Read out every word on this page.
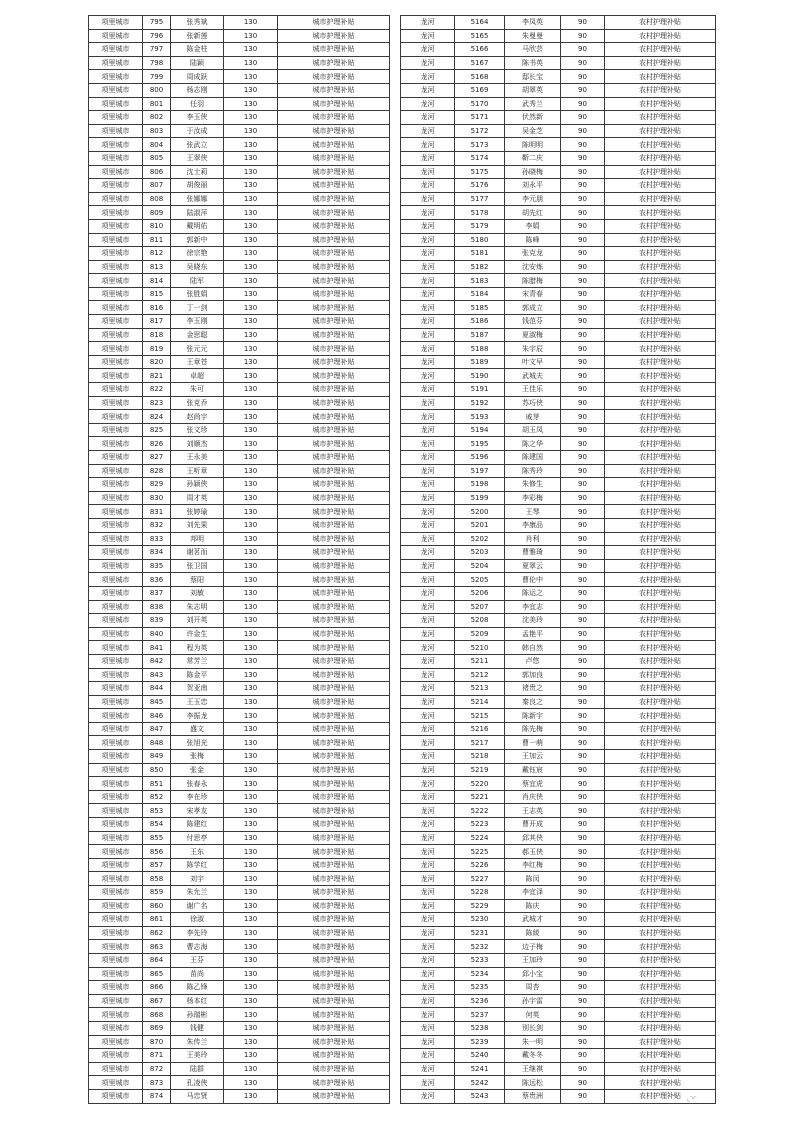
项里城市	795	张秀斌	130	城市护理补贴
项里城市	796	张新莲	130	城市护理补贴
项里城市	797	陈金柱	130	城市护理补贴
项里城市	798	陆颖	130	城市护理补贴
项里城市	799	周成跃	130	城市护理补贴
项里城市	800	杨志刚	130	城市护理补贴
项里城市	801	任羽	130	城市护理补贴
项里城市	802	李玉侠	130	城市护理补贴
项里城市	803	于汝成	130	城市护理补贴
项里城市	804	张武立	130	城市护理补贴
项里城市	805	王翠侠	130	城市护理补贴
项里城市	806	沈士莉	130	城市护理补贴
项里城市	807	胡俊丽	130	城市护理补贴
项里城市	808	张娜娜	130	城市护理补贴
项里城市	809	陆淑萍	130	城市护理补贴
项里城市	810	戴明佑	130	城市护理补贴
项里城市	811	郭新中	130	城市护理补贴
项里城市	812	徐宗艳	130	城市护理补贴
项里城市	813	吴晓东	130	城市护理补贴
项里城市	814	陆军	130	城市护理补贴
项里城市	815	张胜娟	130	城市护理补贴
项里城市	816	丁一剑	130	城市护理补贴
项里城市	817	李玉刚	130	城市护理补贴
项里城市	818	金思聪	130	城市护理补贴
项里城市	819	张元元	130	城市护理补贴
项里城市	820	王章苍	130	城市护理补贴
项里城市	821	卓超	130	城市护理补贴
项里城市	822	朱可	130	城市护理补贴
项里城市	823	张克乔	130	城市护理补贴
项里城市	824	赵尚宇	130	城市护理补贴
项里城市	825	张文珍	130	城市护理补贴
项里城市	826	刘顺杰	130	城市护理补贴
项里城市	827	王永美	130	城市护理补贴
项里城市	828	王听章	130	城市护理补贴
项里城市	829	孙颖侠	130	城市护理补贴
项里城市	830	周才英	130	城市护理补贴
项里城市	831	张婷瑜	130	城市护理补贴
项里城市	832	刘先果	130	城市护理补贴
项里城市	833	邦明	130	城市护理补贴
项里城市	834	谢茗而	130	城市护理补贴
项里城市	835	张卫国	130	城市护理补贴
项里城市	836	蔡阳	130	城市护理补贴
项里城市	837	刘敏	130	城市护理补贴
项里城市	838	朱志明	130	城市护理补贴
项里城市	839	刘开英	130	城市护理补贴
项里城市	840	许金生	130	城市护理补贴
项里城市	841	程为英	130	城市护理补贴
项里城市	842	常芳兰	130	城市护理补贴
项里城市	843	陈金平	130	城市护理补贴
项里城市	844	贺亚南	130	城市护理补贴
项里城市	845	王玉忠	130	城市护理补贴
项里城市	846	李振龙	130	城市护理补贴
项里城市	847	盛文	130	城市护理补贴
项里城市	848	张旭光	130	城市护理补贴
项里城市	849	张梅	130	城市护理补贴
项里城市	850	张金	130	城市护理补贴
项里城市	851	张春永	130	城市护理补贴
项里城市	852	李在珍	130	城市护理补贴
项里城市	853	宋孝友	130	城市护理补贴
项里城市	854	陈建红	130	城市护理补贴
项里城市	855	付思亭	130	城市护理补贴
项里城市	856	王东	130	城市护理补贴
项里城市	857	陈学红	130	城市护理补贴
项里城市	858	刘宇	130	城市护理补贴
项里城市	859	朱允兰	130	城市护理补贴
项里城市	860	谢广名	130	城市护理补贴
项里城市	861	徐淑	130	城市护理补贴
项里城市	862	李先玲	130	城市护理补贴
项里城市	863	曹志海	130	城市护理补贴
项里城市	864	王芬	130	城市护理补贴
项里城市	865	苗尚	130	城市护理补贴
项里城市	866	陈乙锋	130	城市护理补贴
项里城市	867	杨本红	130	城市护理补贴
项里城市	868	孙瑞彬	130	城市护理补贴
项里城市	869	钱健	130	城市护理补贴
项里城市	870	朱传兰	130	城市护理补贴
项里城市	871	王美玲	130	城市护理补贴
项里城市	872	陆群	130	城市护理补贴
项里城市	873	孔凌侠	130	城市护理补贴
项里城市	874	马忠贤	130	城市护理补贴
龙河	5164	李凤英	90	农村护理补贴
龙河	5165	朱曼曼	90	农村护理补贴
龙河	5166	马欣芸	90	农村护理补贴
龙河	5167	陈书英	90	农村护理补贴
龙河	5168	邸长宝	90	农村护理补贴
龙河	5169	胡翠英	90	农村护理补贴
龙河	5170	武秀兰	90	农村护理补贴
龙河	5171	伏然新	90	农村护理补贴
龙河	5172	吴金芝	90	农村护理补贴
龙河	5173	陈明明	90	农村护理补贴
龙河	5174	靳二庆	90	农村护理补贴
龙河	5175	孙晓梅	90	农村护理补贴
龙河	5176	刘永平	90	农村护理补贴
龙河	5177	李元朋	90	农村护理补贴
龙河	5178	胡先红	90	农村护理补贴
龙河	5179	李娟	90	农村护理补贴
龙河	5180	陈峰	90	农村护理补贴
龙河	5181	张克龙	90	农村护理补贴
龙河	5182	沈安炼	90	农村护理补贴
龙河	5183	陈腊梅	90	农村护理补贴
龙河	5184	宋青春	90	农村护理补贴
龙河	5185	郭成立	90	农村护理补贴
龙河	5186	钱范芬	90	农村护理补贴
龙河	5187	夏淑梅	90	农村护理补贴
龙河	5188	朱宇辰	90	农村护理补贴
龙河	5189	叶文早	90	农村护理补贴
龙河	5190	武城夫	90	农村护理补贴
龙河	5191	王佳乐	90	农村护理补贴
龙河	5192	苏巧侠	90	农村护理补贴
龙河	5193	戚芽	90	农村护理补贴
龙河	5194	胡玉凤	90	农村护理补贴
龙河	5195	陈之华	90	农村护理补贴
龙河	5196	陈建国	90	农村护理补贴
龙河	5197	陈秀玲	90	农村护理补贴
龙河	5198	朱修生	90	农村护理补贴
龙河	5199	李彩梅	90	农村护理补贴
龙河	5200	王琴	90	农村护理补贴
龙河	5201	李康品	90	农村护理补贴
龙河	5202	肖利	90	农村护理补贴
龙河	5203	曹雅琦	90	农村护理补贴
龙河	5204	夏翠云	90	农村护理补贴
龙河	5205	曹伦中	90	农村护理补贴
龙河	5206	陈运之	90	农村护理补贴
龙河	5207	李宜志	90	农村护理补贴
龙河	5208	沈美玲	90	农村护理补贴
龙河	5209	孟艳平	90	农村护理补贴
龙河	5210	韩自然	90	农村护理补贴
龙河	5211	卢悠	90	农村护理补贴
龙河	5212	郭加良	90	农村护理补贴
龙河	5213	褚贵之	90	农村护理补贴
龙河	5214	秦良之	90	农村护理补贴
龙河	5215	陈新宇	90	农村护理补贴
龙河	5216	陈先梅	90	农村护理补贴
龙河	5217	曹一萌	90	农村护理补贴
龙河	5218	王加云	90	农村护理补贴
龙河	5219	戴钰宸	90	农村护理补贴
龙河	5220	蔡宜虎	90	农村护理补贴
龙河	5221	肖庆侠	90	农村护理补贴
龙河	5222	王志英	90	农村护理补贴
龙河	5223	曹开成	90	农村护理补贴
龙河	5224	邱其侠	90	农村护理补贴
龙河	5225	郝玉侠	90	农村护理补贴
龙河	5226	李红梅	90	农村护理补贴
龙河	5227	陈闵	90	农村护理补贴
龙河	5228	李宜泽	90	农村护理补贴
龙河	5229	陈庆	90	农村护理补贴
龙河	5230	武城才	90	农村护理补贴
龙河	5231	陈綾	90	农村护理补贴
龙河	5232	边子梅	90	农村护理补贴
龙河	5233	王加玲	90	农村护理补贴
龙河	5234	邱小宝	90	农村护理补贴
龙河	5235	周杏	90	农村护理补贴
龙河	5236	孙宇雷	90	农村护理补贴
龙河	5237	何英	90	农村护理补贴
龙河	5238	别长剑	90	农村护理补贴
龙河	5239	朱一明	90	农村护理补贴
龙河	5240	戴冬冬	90	农村护理补贴
龙河	5241	王继祺	90	农村护理补贴
龙河	5242	陈远松	90	农村护理补贴
龙河	5243	蔡贵洲	90	农村护理补贴 ◟◝◜
